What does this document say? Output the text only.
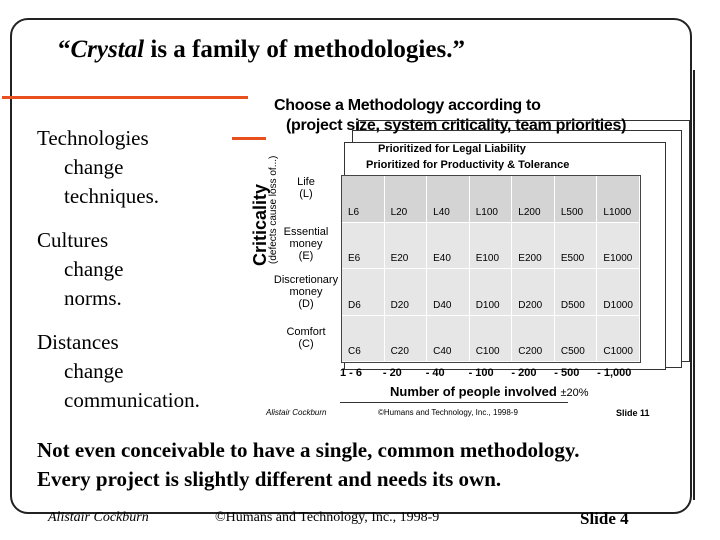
“Crystal is a family of methodologies.”
Technologies
change techniques.
Cultures
change norms.
Distances
change communication.
Prioritized for Legal Liability
Prioritized for Productivity & Tolerance
Choose a Methodology according to
(project size, system criticality, team priorities)
Criticality
(defects cause loss of...)	Life
(L)
Essential money
(E)
Discretionary money
(D)
Comfort
(C)
L6	L20	L40	L100 L200 L500 L1000
E6	E20 E40 E100 E200 E500 E1000
D6	D20 D40 D100 D200 D500 D1000
C6	C20 C40 C100 C200 C500 C1000
1 - 6	- 20	- 40	- 100	- 200	- 500	- 1,000
Number of people involved ±20%
Alistair Cockburn	©Humans and Technology, Inc., 1998-9	Slide 11
Not even conceivable to have a single, common methodology.
Every project is slightly different and needs its own.
Alistair Cockburn	©Humans and Technology, Inc., 1998-9	Slide 4
